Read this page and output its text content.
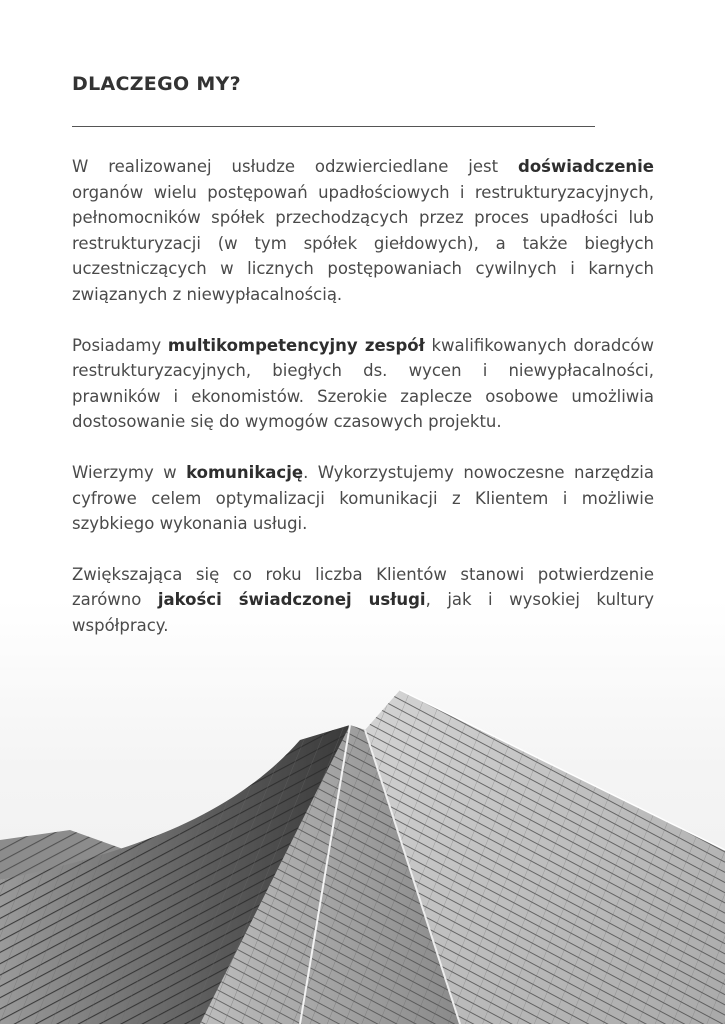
DLACZEGO MY?

W realizowanej usłudze odzwierciedlane jest doświadczenie organów wielu postępowań upadłościowych i restrukturyzacyjnych, pełnomocników spółek przechodzących przez proces upadłości lub restrukturyzacji (w tym spółek giełdowych), a także biegłych uczestniczących w licznych postępowaniach cywilnych i karnych związanych z niewypłacalnością.

Posiadamy multikompetencyjny zespół kwalifikowanych doradców restrukturyzacyjnych, biegłych ds. wycen i niewypłacalności, prawników i ekonomistów. Szerokie zaplecze osobowe umożliwia dostosowanie się do wymogów czasowych projektu.

Wierzymy w komunikację. Wykorzystujemy nowoczesne narzędzia cyfrowe celem optymalizacji komunikacji z Klientem i możliwie szybkiego wykonania usługi.

Zwiększająca się co roku liczba Klientów stanowi potwierdzenie zarówno jakości świadczonej usługi, jak i wysokiej kultury współpracy.
